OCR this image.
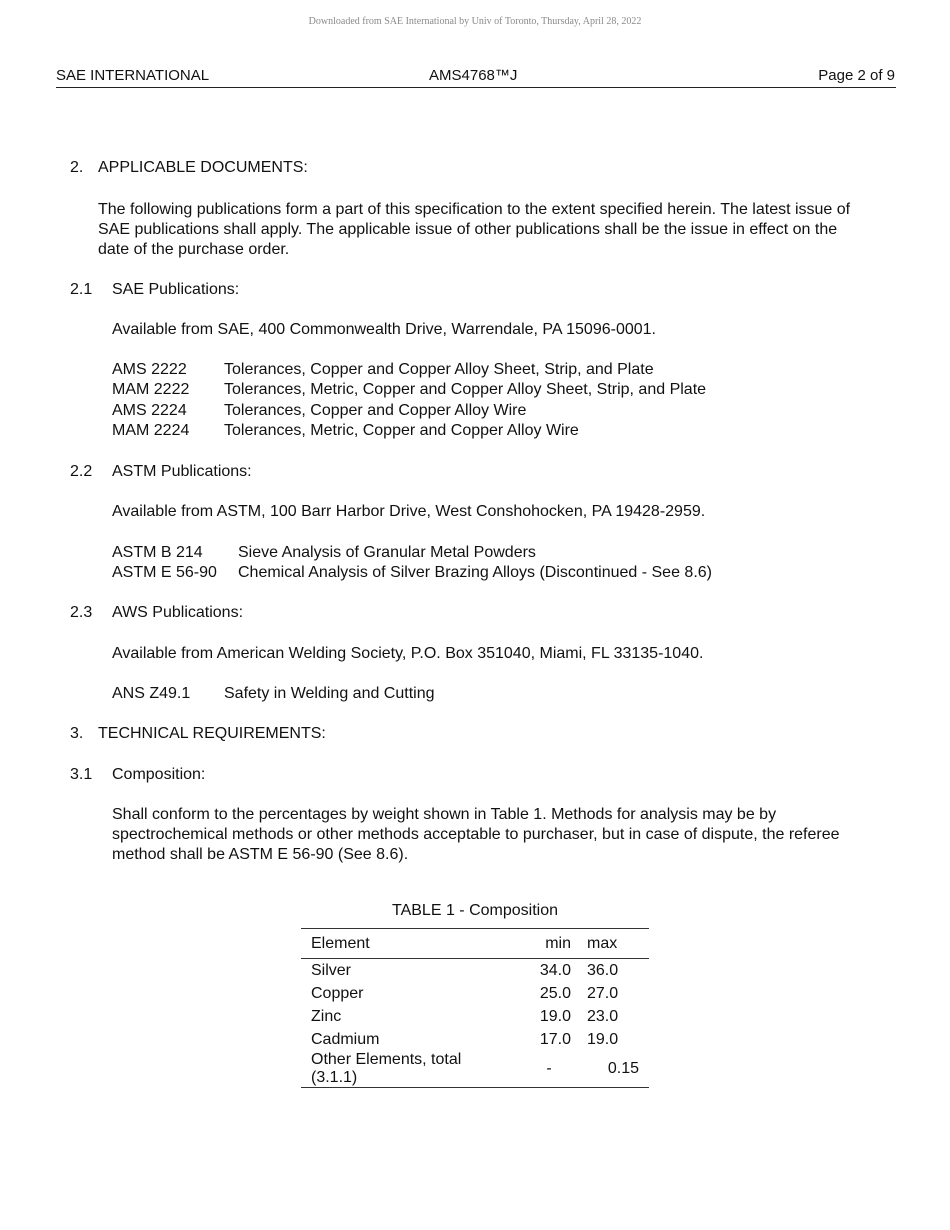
Downloaded from SAE International by Univ of Toronto, Thursday, April 28, 2022
SAE INTERNATIONAL	AMS4768™J	Page 2 of 9
2. APPLICABLE DOCUMENTS:
The following publications form a part of this specification to the extent specified herein. The latest issue of SAE publications shall apply. The applicable issue of other publications shall be the issue in effect on the date of the purchase order.
2.1 SAE Publications:
Available from SAE, 400 Commonwealth Drive, Warrendale, PA 15096-0001.
AMS 2222 Tolerances, Copper and Copper Alloy Sheet, Strip, and Plate
MAM 2222 Tolerances, Metric, Copper and Copper Alloy Sheet, Strip, and Plate
AMS 2224 Tolerances, Copper and Copper Alloy Wire
MAM 2224 Tolerances, Metric, Copper and Copper Alloy Wire
2.2 ASTM Publications:
Available from ASTM, 100 Barr Harbor Drive, West Conshohocken, PA 19428-2959.
ASTM B 214 Sieve Analysis of Granular Metal Powders
ASTM E 56-90 Chemical Analysis of Silver Brazing Alloys (Discontinued - See 8.6)
2.3 AWS Publications:
Available from American Welding Society, P.O. Box 351040, Miami, FL 33135-1040.
ANS Z49.1 Safety in Welding and Cutting
3. TECHNICAL REQUIREMENTS:
3.1 Composition:
Shall conform to the percentages by weight shown in Table 1. Methods for analysis may be by spectrochemical methods or other methods acceptable to purchaser, but in case of dispute, the referee method shall be ASTM E 56-90 (See 8.6).
TABLE 1 - Composition
Element	min	max
Silver	34.0	36.0
Copper	25.0	27.0
Zinc	19.0	23.0
Cadmium	17.0	19.0
Other Elements, total (3.1.1)	-	0.15
